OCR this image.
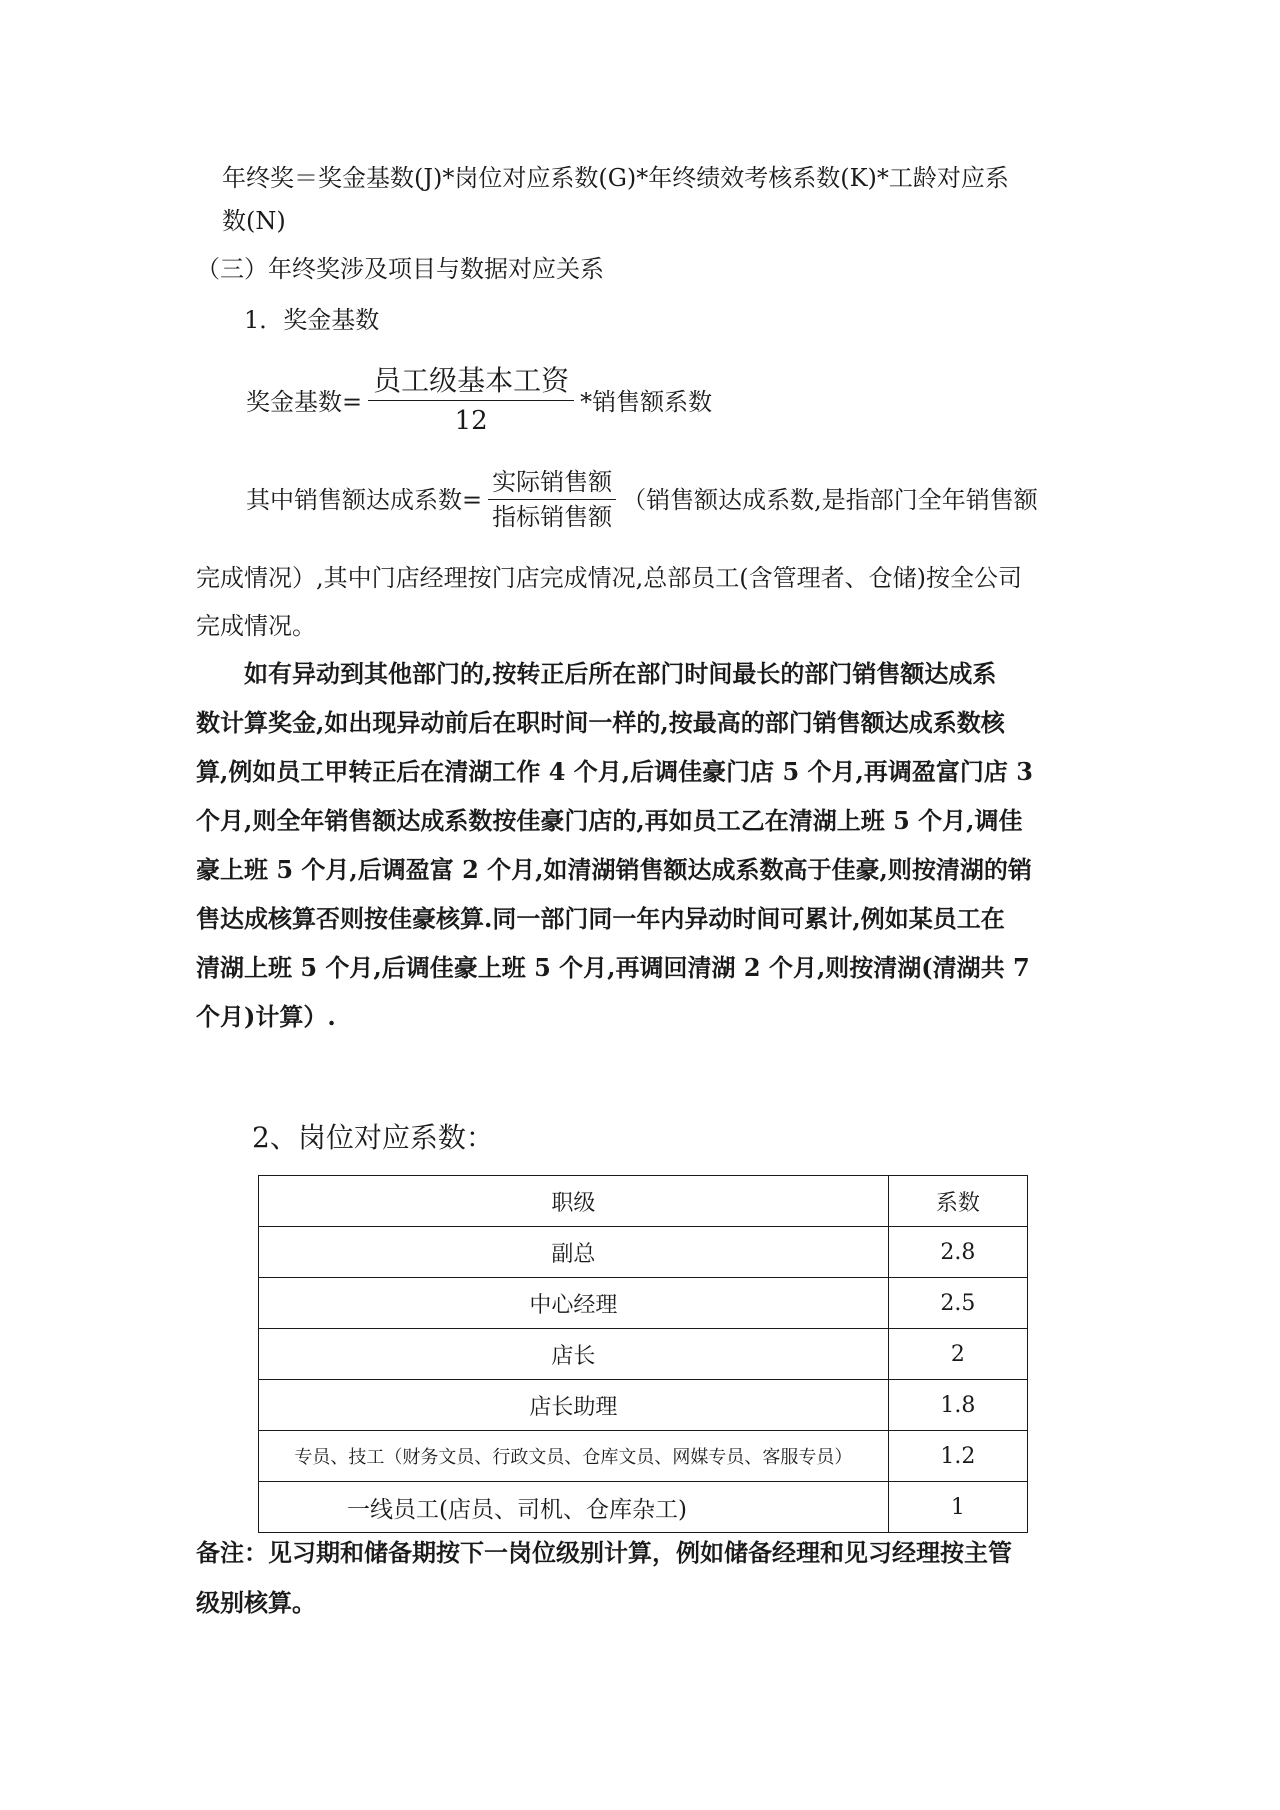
年终奖＝奖金基数(J)*岗位对应系数(G)*年终绩效考核系数(K)*工龄对应系
数(N)
（三）年终奖涉及项目与数据对应关系
1．奖金基数
奖金基数= $\frac{\text{员工级基本工资}}{12}$ *销售额系数
其中销售额达成系数= $\frac{\text{实际销售额}}{\text{指标销售额}}$ （销售额达成系数,是指部门全年销售额
完成情况）,其中门店经理按门店完成情况,总部员工(含管理者、仓储)按全公司
完成情况。
如有异动到其他部门的,按转正后所在部门时间最长的部门销售额达成系
数计算奖金,如出现异动前后在职时间一样的,按最高的部门销售额达成系数核
算,例如员工甲转正后在清湖工作 4 个月,后调佳豪门店 5 个月,再调盈富门店 3
个月,则全年销售额达成系数按佳豪门店的,再如员工乙在清湖上班 5 个月,调佳
豪上班 5 个月,后调盈富 2 个月,如清湖销售额达成系数高于佳豪,则按清湖的销
售达成核算否则按佳豪核算.同一部门同一年内异动时间可累计,例如某员工在
清湖上班 5 个月,后调佳豪上班 5 个月,再调回清湖 2 个月,则按清湖(清湖共 7
个月)计算）.
2、岗位对应系数：
职级	系数
副总	2.8
中心经理	2.5
店长	2
店长助理	1.8
专员、技工（财务文员、行政文员、仓库文员、网媒专员、客服专员）	1.2
一线员工(店员、司机、仓库杂工)	1
备注：见习期和储备期按下一岗位级别计算，例如储备经理和见习经理按主管
级别核算。
